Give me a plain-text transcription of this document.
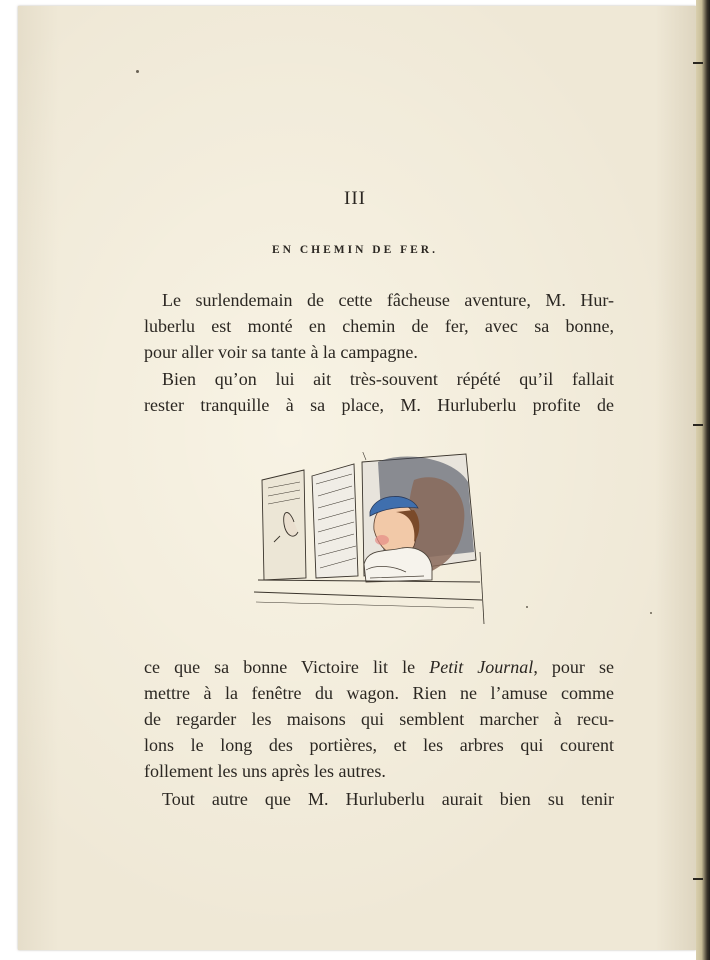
III
EN CHEMIN DE FER.
Le surlendemain de cette fâcheuse aventure, M. Hur-
luberlu est monté en chemin de fer, avec sa bonne,
pour aller voir sa tante à la campagne.
Bien qu’on lui ait très-souvent répété qu’il fallait
rester tranquille à sa place, M. Hurluberlu profite de
ce que sa bonne Victoire lit le Petit Journal, pour se
mettre à la fenêtre du wagon. Rien ne l’amuse comme
de regarder les maisons qui semblent marcher à recu-
lons le long des portières, et les arbres qui courent
follement les uns après les autres.
Tout autre que M. Hurluberlu aurait bien su tenir
